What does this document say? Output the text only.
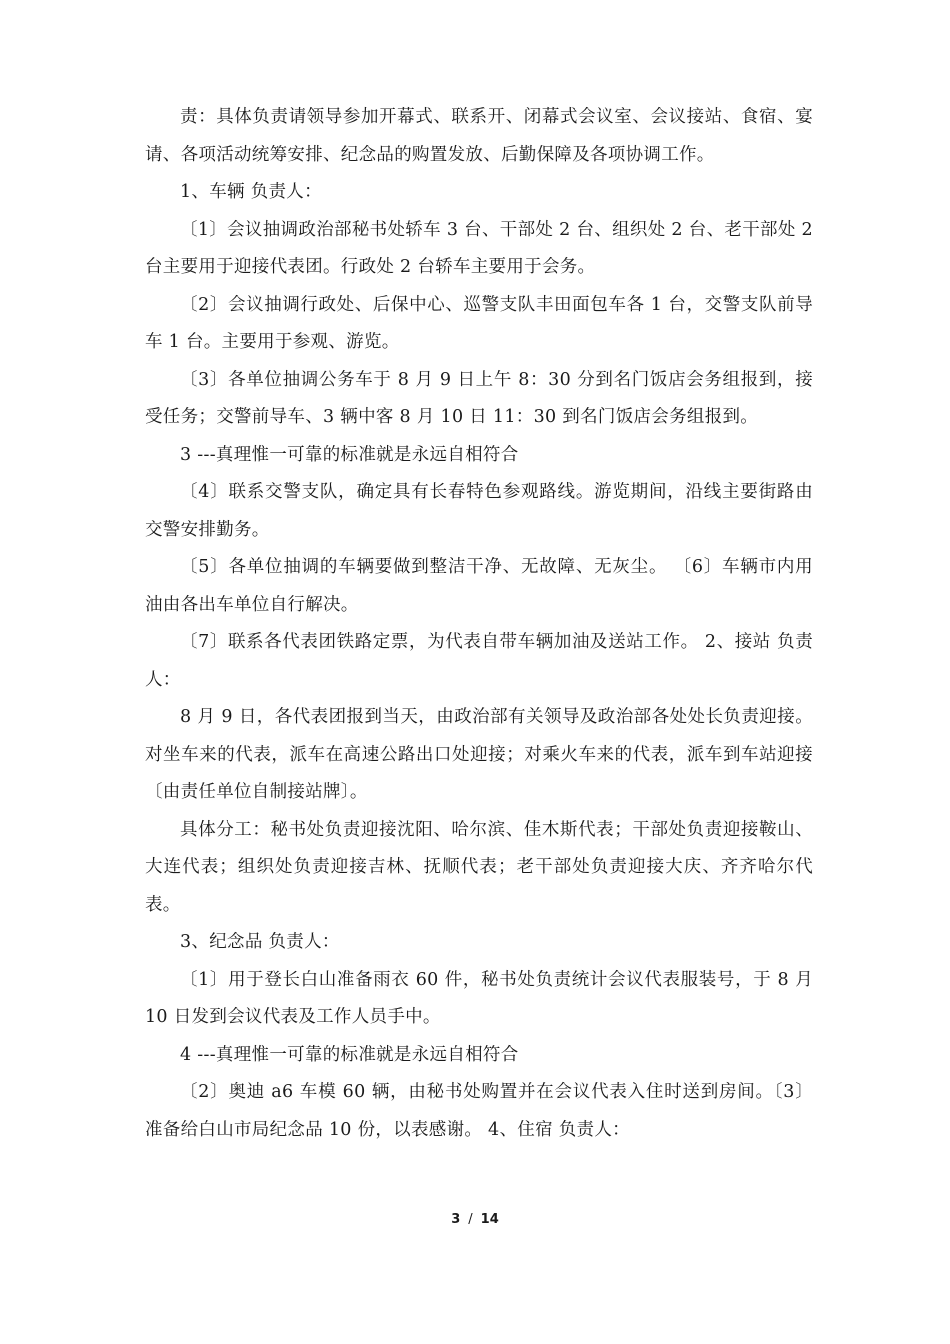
责：具体负责请领导参加开幕式、联系开、闭幕式会议室、会议接站、食宿、宴请、各项活动统筹安排、纪念品的购置发放、后勤保障及各项协调工作。

1、车辆 负责人：

〔1〕会议抽调政治部秘书处轿车 3 台、干部处 2 台、组织处 2 台、老干部处 2 台主要用于迎接代表团。行政处 2 台轿车主要用于会务。

〔2〕会议抽调行政处、后保中心、巡警支队丰田面包车各 1 台，交警支队前导车 1 台。主要用于参观、游览。

〔3〕各单位抽调公务车于 8 月 9 日上午 8：30 分到名门饭店会务组报到，接受任务；交警前导车、3 辆中客 8 月 10 日 11：30 到名门饭店会务组报到。

3 ---真理惟一可靠的标准就是永远自相符合

〔4〕联系交警支队，确定具有长春特色参观路线。游览期间，沿线主要街路由交警安排勤务。

〔5〕各单位抽调的车辆要做到整洁干净、无故障、无灰尘。 〔6〕车辆市内用油由各出车单位自行解决。

〔7〕联系各代表团铁路定票，为代表自带车辆加油及送站工作。 2、接站 负责人：

8 月 9 日，各代表团报到当天，由政治部有关领导及政治部各处处长负责迎接。对坐车来的代表，派车在高速公路出口处迎接；对乘火车来的代表，派车到车站迎接〔由责任单位自制接站牌〕。

具体分工：秘书处负责迎接沈阳、哈尔滨、佳木斯代表；干部处负责迎接鞍山、大连代表；组织处负责迎接吉林、抚顺代表；老干部处负责迎接大庆、齐齐哈尔代表。

3、纪念品 负责人：

〔1〕用于登长白山准备雨衣 60 件，秘书处负责统计会议代表服装号，于 8 月 10 日发到会议代表及工作人员手中。

4 ---真理惟一可靠的标准就是永远自相符合

〔2〕奥迪 a6 车模 60 辆，由秘书处购置并在会议代表入住时送到房间。〔3〕准备给白山市局纪念品 10 份，以表感谢。 4、住宿 负责人：

3 / 14
